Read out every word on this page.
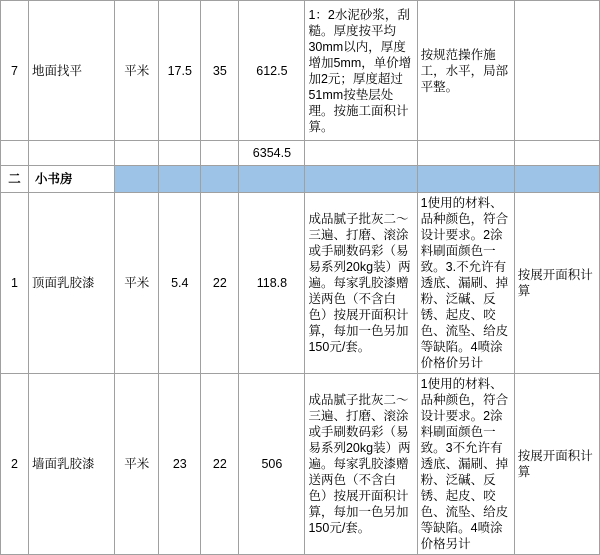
7	地面找平	平米	17.5	35	612.5	1：2水泥砂浆，刮糙。厚度按平均30mm以内，厚度增加5mm，单价增加2元；厚度超过51mm按垫层处理。按施工面积计算。	按规范操作施工，水平，局部平整。	
					6354.5			
二	小书房							
1	顶面乳胶漆	平米	5.4	22	118.8	成品腻子批灰二～三遍、打磨、滚涂或手刷数码彩（易易系列20kg装）两遍。每家乳胶漆赠送两色（不含白色）按展开面积计算，每加一色另加150元/套。	1使用的材料、品种颜色，符合设计要求。2涂料刷面颜色一致。3.不允许有透底、漏刷、掉粉、泛碱、反锈、起皮、咬色、流坠、给皮等缺陷。4喷涂价格价另计	按展开面积计算
2	墙面乳胶漆	平米	23	22	506	成品腻子批灰二～三遍、打磨、滚涂或手刷数码彩（易易系列20kg装）两遍。每家乳胶漆赠送两色（不含白色）按展开面积计算，每加一色另加150元/套。	1使用的材料、品种颜色，符合设计要求。2涂料刷面颜色一致。3不允许有透底、漏刷、掉粉、泛碱、反锈、起皮、咬色、流坠、给皮等缺陷。4喷涂价格另计	按展开面积计算
